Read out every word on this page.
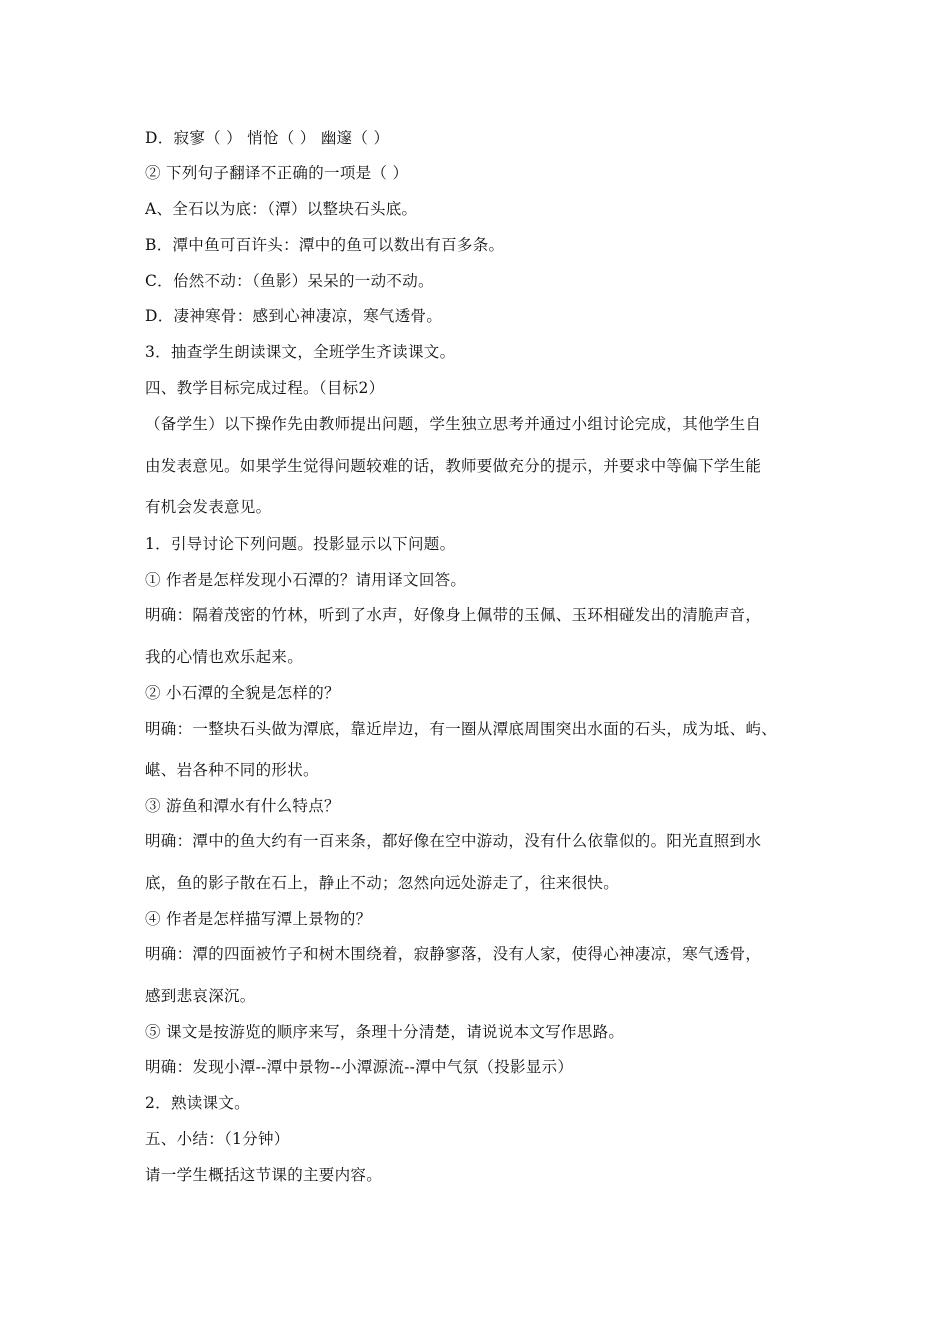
D．寂寥（ ） 悄怆（ ） 幽邃（ ）
② 下列句子翻译不正确的一项是（ ）
A、全石以为底：（潭）以整块石头底。
B．潭中鱼可百许头：潭中的鱼可以数出有百多条。
C．佁然不动：（鱼影）呆呆的一动不动。
D．凄神寒骨：感到心神凄凉，寒气透骨。
3．抽查学生朗读课文，全班学生齐读课文。
四、教学目标完成过程。（目标2）
（备学生）以下操作先由教师提出问题，学生独立思考并通过小组讨论完成，其他学生自
由发表意见。如果学生觉得问题较难的话，教师要做充分的提示，并要求中等偏下学生能
有机会发表意见。
1．引导讨论下列问题。投影显示以下问题。
① 作者是怎样发现小石潭的？请用译文回答。
明确：隔着茂密的竹林，听到了水声，好像身上佩带的玉佩、玉环相碰发出的清脆声音，
我的心情也欢乐起来。
② 小石潭的全貌是怎样的？
明确：一整块石头做为潭底，靠近岸边，有一圈从潭底周围突出水面的石头，成为坻、屿、
嵁、岩各种不同的形状。
③ 游鱼和潭水有什么特点？
明确：潭中的鱼大约有一百来条，都好像在空中游动，没有什么依靠似的。阳光直照到水
底，鱼的影子散在石上，静止不动；忽然向远处游走了，往来很快。
④ 作者是怎样描写潭上景物的？
明确：潭的四面被竹子和树木围绕着，寂静寥落，没有人家，使得心神凄凉，寒气透骨，
感到悲哀深沉。
⑤ 课文是按游览的顺序来写，条理十分清楚，请说说本文写作思路。
明确：发现小潭--潭中景物--小潭源流--潭中气氛（投影显示）
2．熟读课文。
五、小结：（1分钟）
请一学生概括这节课的主要内容。
